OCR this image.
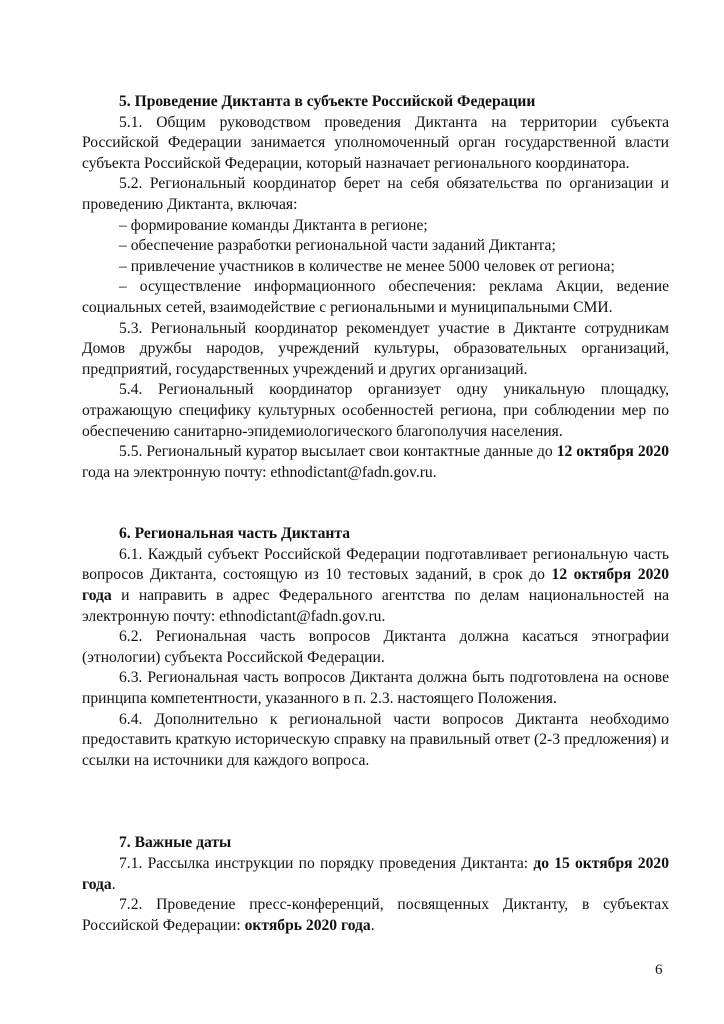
5. Проведение Диктанта в субъекте Российской Федерации

5.1. Общим руководством проведения Диктанта на территории субъекта Российской Федерации занимается уполномоченный орган государственной власти субъекта Российской Федерации, который назначает регионального координатора.

5.2. Региональный координатор берет на себя обязательства по организации и проведению Диктанта, включая:

– формирование команды Диктанта в регионе;

– обеспечение разработки региональной части заданий Диктанта;

– привлечение участников в количестве не менее 5000 человек от региона;

– осуществление информационного обеспечения: реклама Акции, ведение социальных сетей, взаимодействие с региональными и муниципальными СМИ.

5.3. Региональный координатор рекомендует участие в Диктанте сотрудникам Домов дружбы народов, учреждений культуры, образовательных организаций, предприятий, государственных учреждений и других организаций.

5.4. Региональный координатор организует одну уникальную площадку, отражающую специфику культурных особенностей региона, при соблюдении мер по обеспечению санитарно-эпидемиологического благополучия населения.

5.5. Региональный куратор высылает свои контактные данные до 12 октября 2020 года на электронную почту: ethnodictant@fadn.gov.ru.

6. Региональная часть Диктанта

6.1. Каждый субъект Российской Федерации подготавливает региональную часть вопросов Диктанта, состоящую из 10 тестовых заданий, в срок до 12 октября 2020 года и направить в адрес Федерального агентства по делам национальностей на электронную почту: ethnodictant@fadn.gov.ru.

6.2. Региональная часть вопросов Диктанта должна касаться этнографии (этнологии) субъекта Российской Федерации.

6.3. Региональная часть вопросов Диктанта должна быть подготовлена на основе принципа компетентности, указанного в п. 2.3. настоящего Положения.

6.4. Дополнительно к региональной части вопросов Диктанта необходимо предоставить краткую историческую справку на правильный ответ (2-3 предложения) и ссылки на источники для каждого вопроса.

7. Важные даты

7.1. Рассылка инструкции по порядку проведения Диктанта: до 15 октября 2020 года.

7.2. Проведение пресс-конференций, посвященных Диктанту, в субъектах Российской Федерации: октябрь 2020 года.

6
